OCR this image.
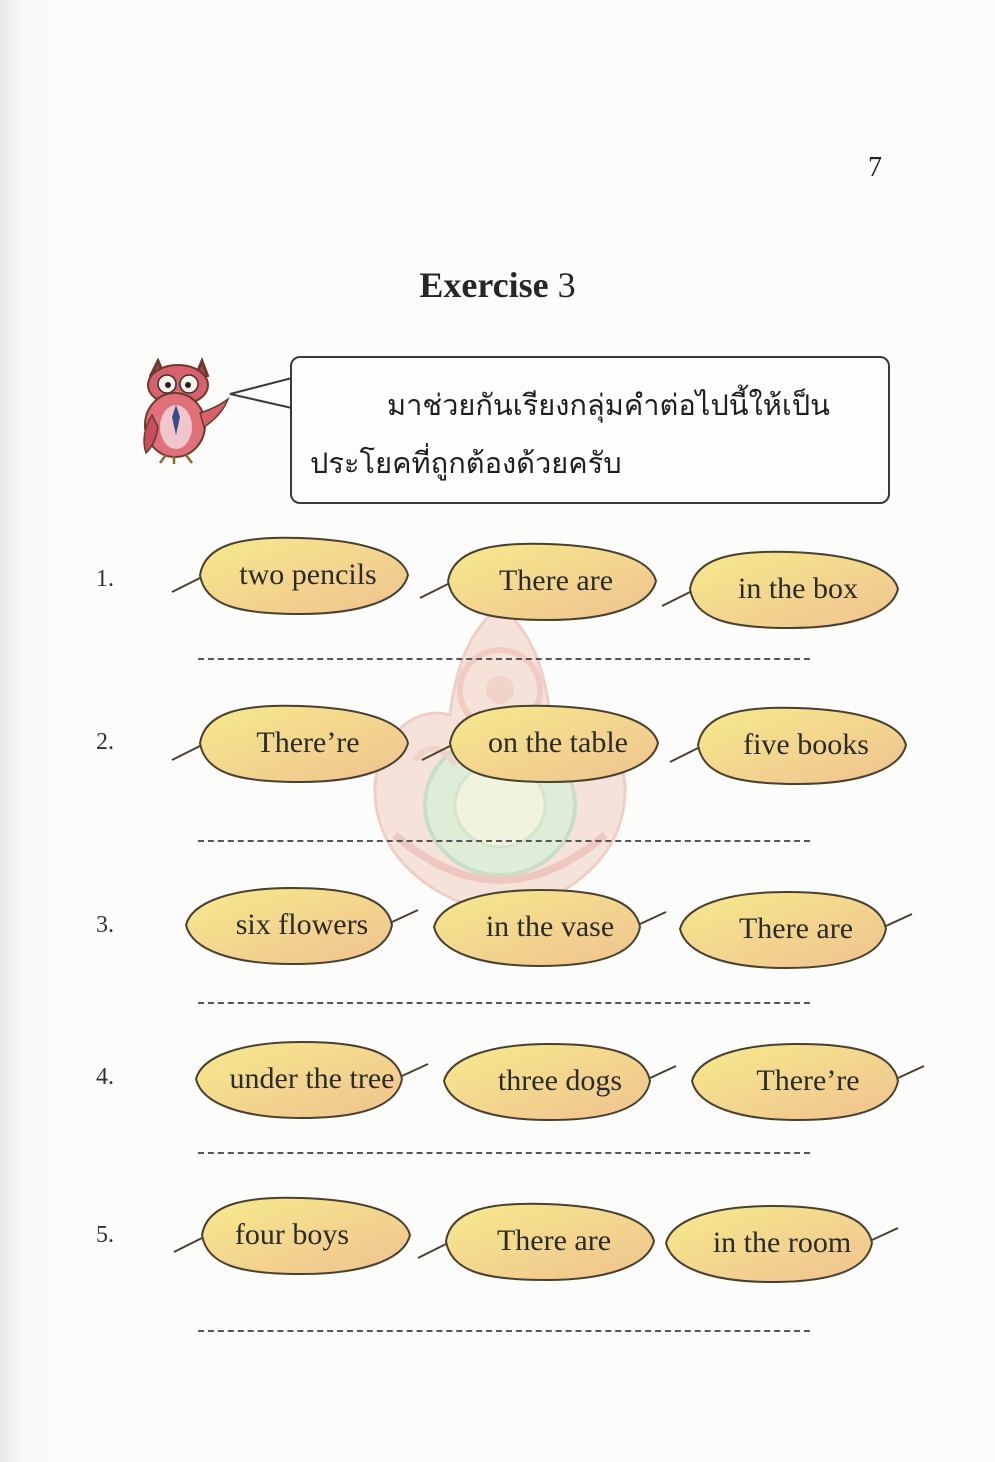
7
Exercise 3
มาช่วยกันเรียงกลุ่มคำต่อไปนี้ให้เป็น
ประโยคที่ถูกต้องด้วยครับ
1.	two pencils	There are	in the box
2.	There’re	on the table	five books
3.	six flowers	in the vase	There are
4.	under the tree	three dogs	There’re
5.	four boys	There are	in the room
